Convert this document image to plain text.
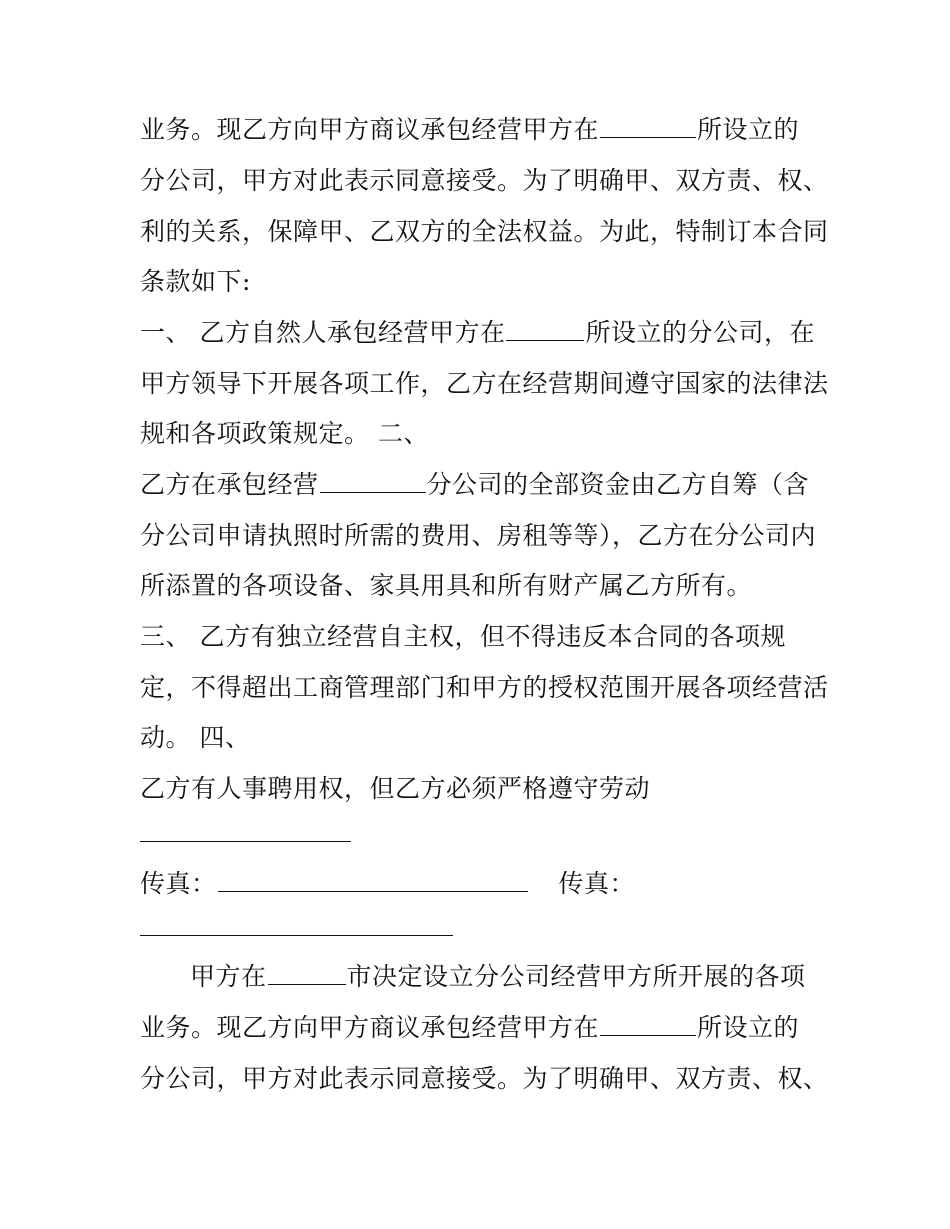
业务。现乙方向甲方商议承包经营甲方在	所设立的
分公司，甲方对此表示同意接受。为了明确甲、双方责、权、
利的关系，保障甲、乙双方的全法权益。为此，特制订本合同
条款如下:
一、 乙方自然人承包经营甲方在	所设立的分公司，在
甲方领导下开展各项工作，乙方在经营期间遵守国家的法律法
规和各项政策规定。 二、
乙方在承包经营	分公司的全部资金由乙方自筹（含
分公司申请执照时所需的费用、房租等等），乙方在分公司内
所添置的各项设备、家具用具和所有财产属乙方所有。
三、 乙方有独立经营自主权，但不得违反本合同的各项规
定，不得超出工商管理部门和甲方的授权范围开展各项经营活
动。 四、
乙方有人事聘用权，但乙方必须严格遵守劳动
传真：	传真：
甲方在	市决定设立分公司经营甲方所开展的各项
业务。现乙方向甲方商议承包经营甲方在	所设立的
分公司，甲方对此表示同意接受。为了明确甲、双方责、权、
